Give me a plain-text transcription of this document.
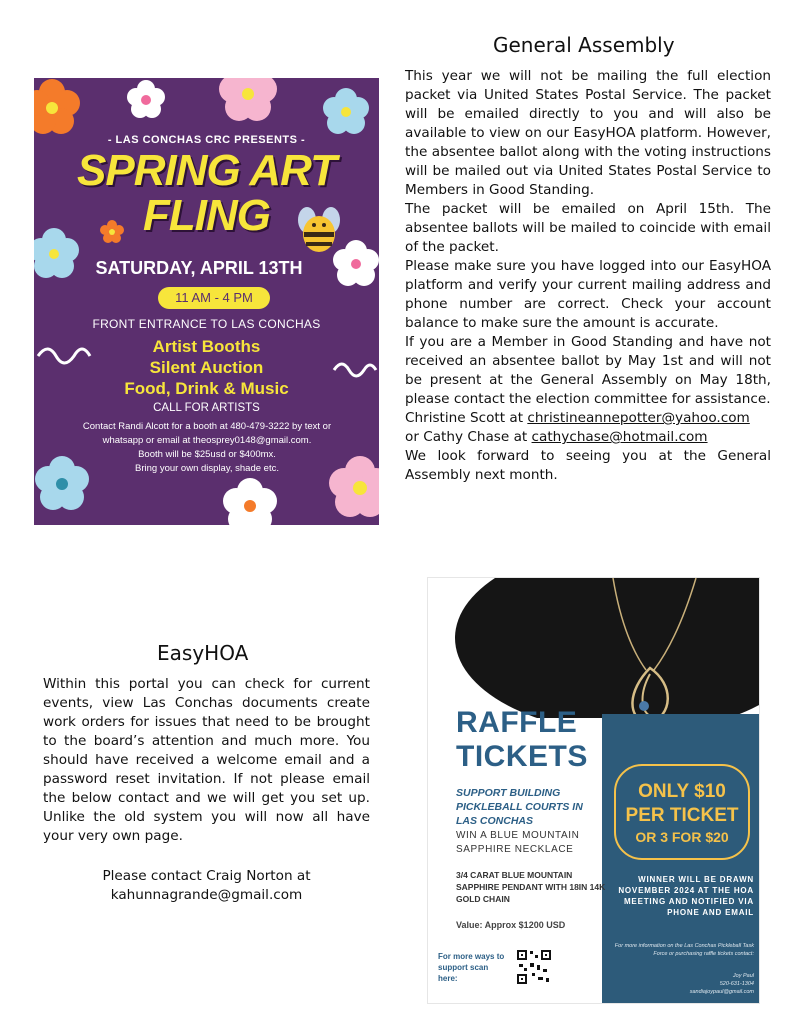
- LAS CONCHAS CRC PRESENTS -
SPRING ART
FLING
SATURDAY, APRIL 13TH
11 AM - 4 PM
FRONT ENTRANCE TO LAS CONCHAS
Artist Booths
Silent Auction
Food, Drink & Music
CALL FOR ARTISTS
Contact Randi Alcott for a booth at 480-479-3222 by text or
whatsapp or email at theosprey0148@gmail.com.
Booth will be $25usd or $400mx.
Bring your own display, shade etc.
General Assembly

This year we will not be mailing the full election packet via United States Postal Service. The packet will be emailed directly to you and will also be available to view on our EasyHOA platform. However, the absentee ballot along with the voting instructions will be mailed out via United States Postal Service to Members in Good Standing.

The packet will be emailed on April 15th. The absentee ballots will be mailed to coincide with email of the packet.

Please make sure you have logged into our EasyHOA platform and verify your current mailing address and phone number are correct. Check your account balance to make sure the amount is accurate.

If you are a Member in Good Standing and have not received an absentee ballot by May 1st and will not be present at the General Assembly on May 18th, please contact the election committee for assistance.

Christine Scott at christineannepotter@yahoo.com

or Cathy Chase at cathychase@hotmail.com

We look forward to seeing you at the General Assembly next month.

EasyHOA
Within this portal you can check for current events, view Las Conchas documents create work orders for issues that need to be brought to the board’s attention and much more. You should have received a welcome email and a password reset invitation. If not please email the below contact and we will get you set up. Unlike the old system you will now all have your very own page.
Please contact Craig Norton at
kahunnagrande@gmail.com
RAFFLE
TICKETS
SUPPORT BUILDING PICKLEBALL COURTS IN LAS CONCHAS
WIN A BLUE MOUNTAIN
SAPPHIRE NECKLACE
3/4 CARAT BLUE MOUNTAIN SAPPHIRE PENDANT WITH 18IN 14K GOLD CHAIN
Value: Approx $1200 USD
For more ways to support scan here:
ONLY $10
PER TICKET
OR 3 FOR $20
WINNER WILL BE DRAWN NOVEMBER 2024 AT THE HOA MEETING AND NOTIFIED VIA PHONE AND EMAIL
For more information on the Las Conchas Pickleball Task Force or purchasing raffle tickets contact:
Joy Paul
520-631-1304
sandiajoypaul@gmail.com
